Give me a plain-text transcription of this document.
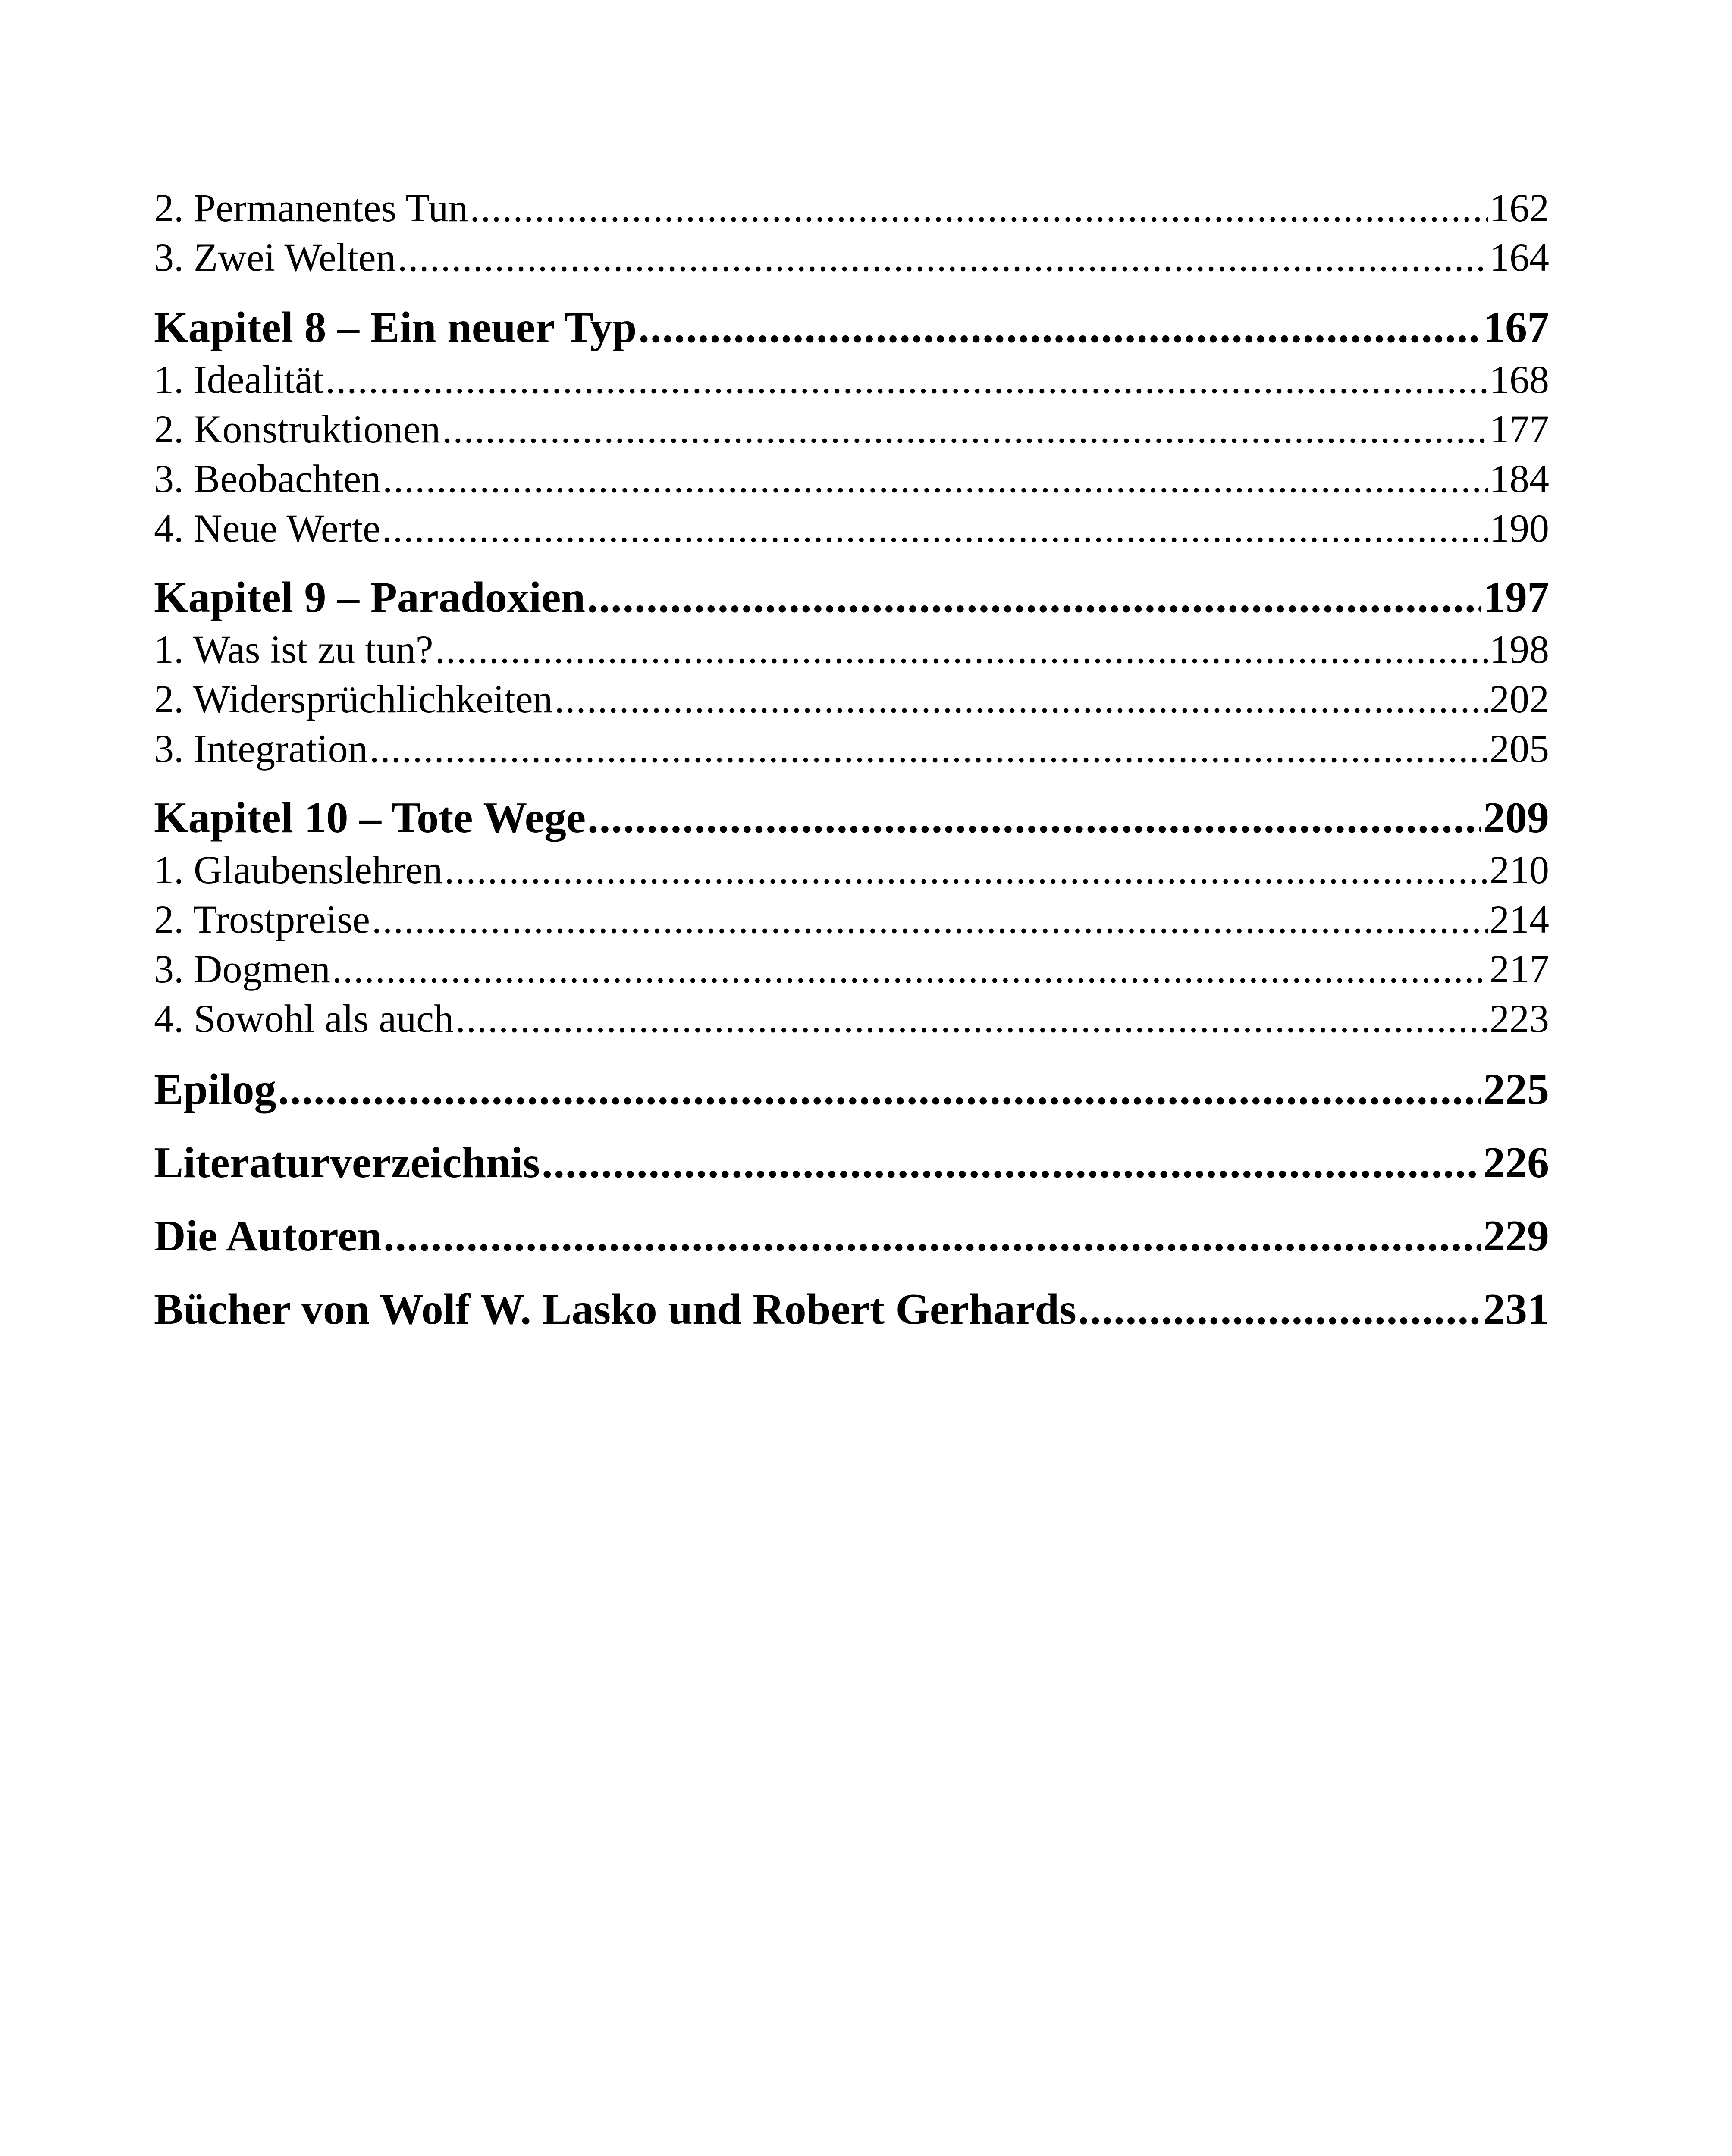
2. Permanentes Tun .....	162
3. Zwei Welten .....	164
Kapitel 8 – Ein neuer Typ .....	167
1. Idealität .....	168
2. Konstruktionen .....	177
3. Beobachten .....	184
4. Neue Werte .....	190
Kapitel 9 – Paradoxien .....	197
1. Was ist zu tun? .....	198
2. Widersprüchlichkeiten .....	202
3. Integration .....	205
Kapitel 10 – Tote Wege .....	209
1. Glaubenslehren .....	210
2. Trostpreise .....	214
3. Dogmen .....	217
4. Sowohl als auch .....	223
Epilog .....	225
Literaturverzeichnis .....	226
Die Autoren .....	229
Bücher von Wolf W. Lasko und Robert Gerhards .....	231
